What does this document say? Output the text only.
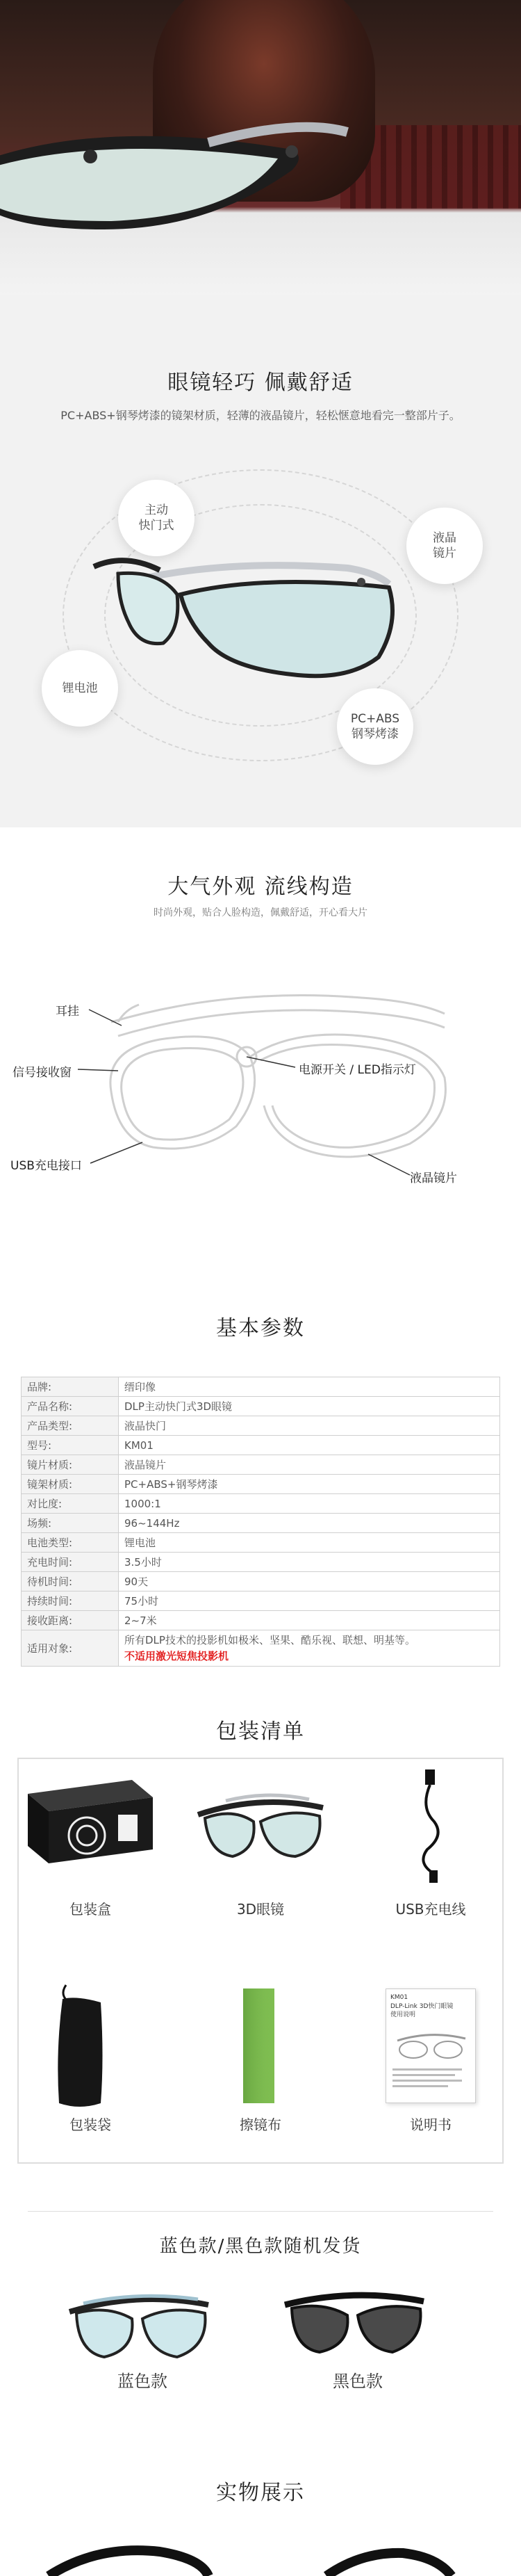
眼镜轻巧 佩戴舒适
PC+ABS+钢琴烤漆的镜架材质，轻薄的液晶镜片，轻松惬意地看完一整部片子。
主动
快门式
液晶
镜片
锂电池
PC+ABS
钢琴烤漆
大气外观 流线构造
时尚外观，贴合人脸构造，佩戴舒适，开心看大片
耳挂
信号接收窗	电源开关 / LED指示灯
USB充电接口
液晶镜片
基本参数
品牌:	缙印像
产品名称:	DLP主动快门式3D眼镜
产品类型:	液晶快门
型号:	KM01
镜片材质:	液晶镜片
镜架材质:	PC+ABS+钢琴烤漆
对比度:	1000:1
场频:	96~144Hz
电池类型:	锂电池
充电时间:	3.5小时
待机时间:	90天
持续时间:	75小时
接收距离:	2~7米
适用对象:	所有DLP技术的投影机如极米、坚果、酷乐视、联想、明基等。
不适用激光短焦投影机
包装清单
包装盒	3D眼镜	USB充电线
包装袋	擦镜布
KM01
DLP-Link 3D快门眼镜
使用说明
说明书
蓝色款/黑色款随机发货
蓝色款	黑色款
实物展示
